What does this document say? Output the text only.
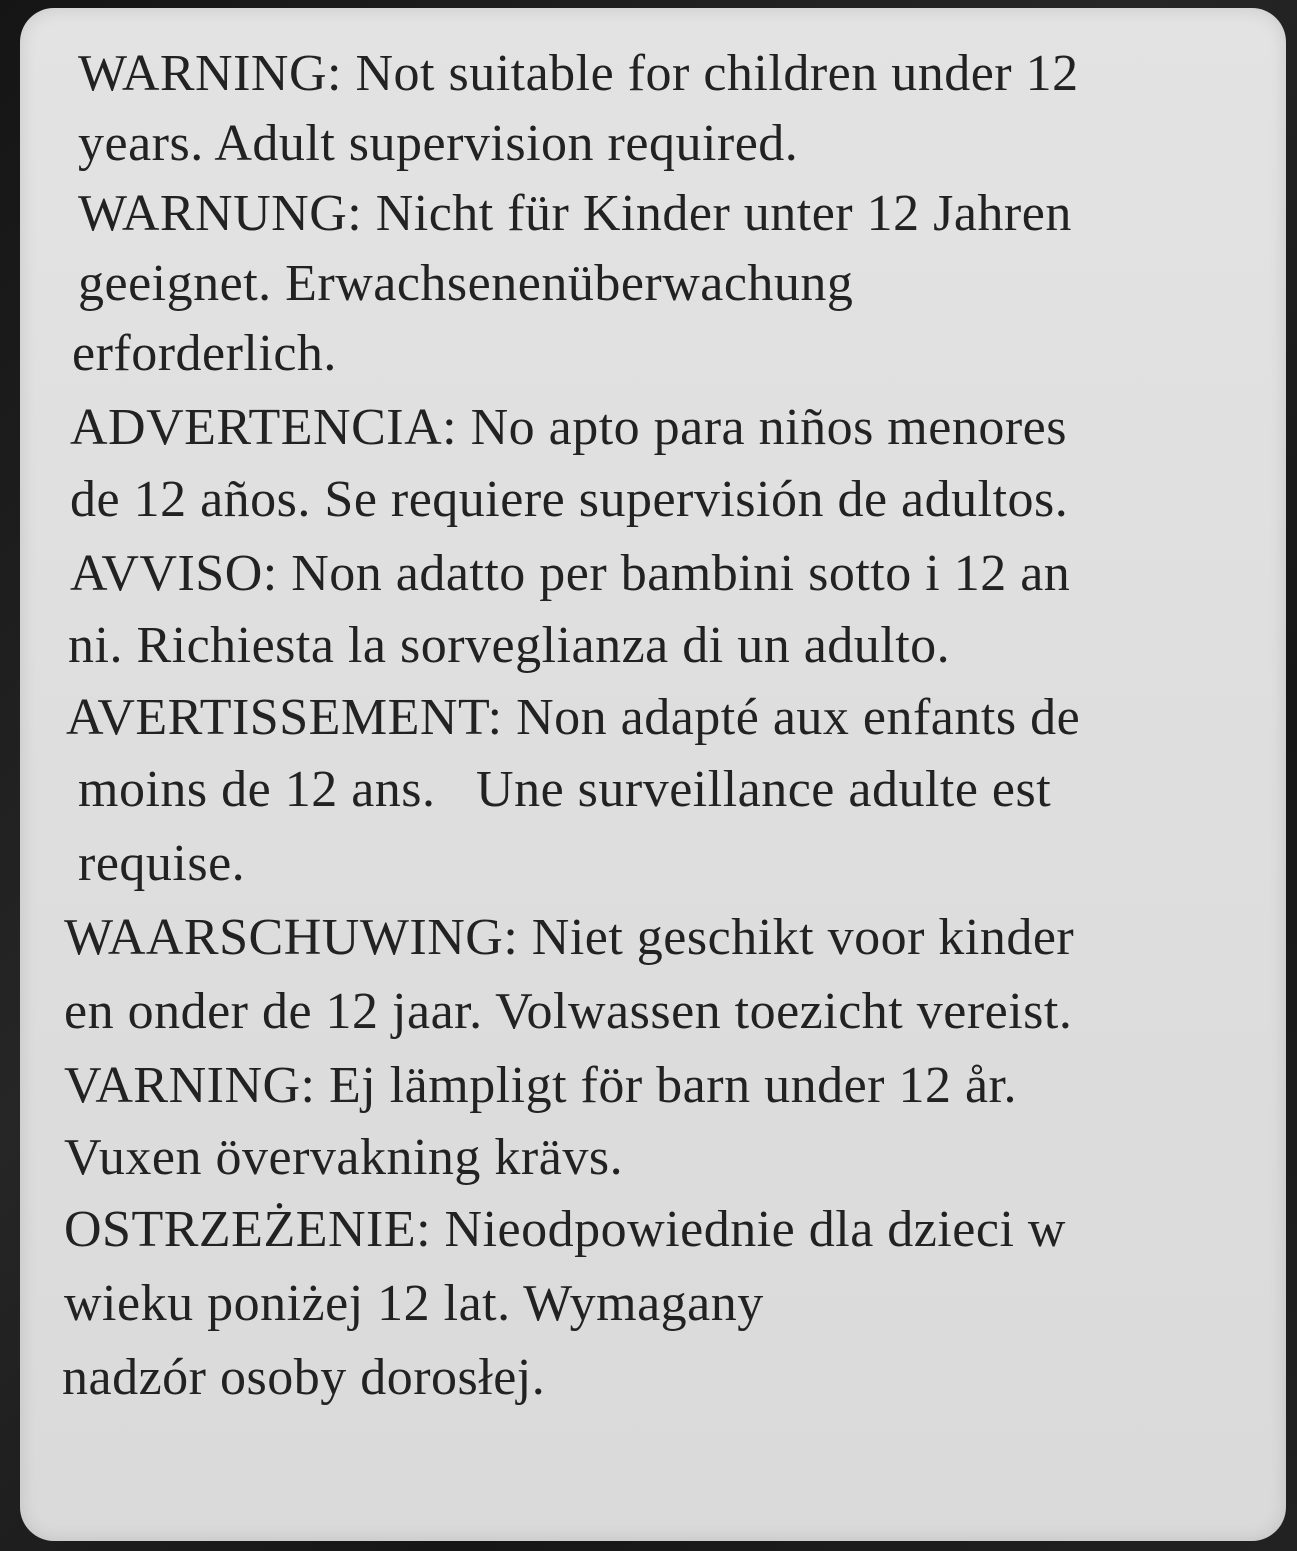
WARNING: Not suitable for children under 12
years. Adult supervision required.
WARNUNG: Nicht für Kinder unter 12 Jahren
geeignet. Erwachsenenüberwachung
erforderlich.
ADVERTENCIA: No apto para niños menores
de 12 años. Se requiere supervisión de adultos.
AVVISO: Non adatto per bambini sotto i 12 an
ni. Richiesta la sorveglianza di un adulto.
AVERTISSEMENT: Non adapté aux enfants de
moins de 12 ans.   Une surveillance adulte est
requise.
WAARSCHUWING: Niet geschikt voor kinder
en onder de 12 jaar. Volwassen toezicht vereist.
VARNING: Ej lämpligt för barn under 12 år.
Vuxen övervakning krävs.
OSTRZEŻENIE: Nieodpowiednie dla dzieci w
wieku poniżej 12 lat. Wymagany
nadzór osoby dorosłej.
